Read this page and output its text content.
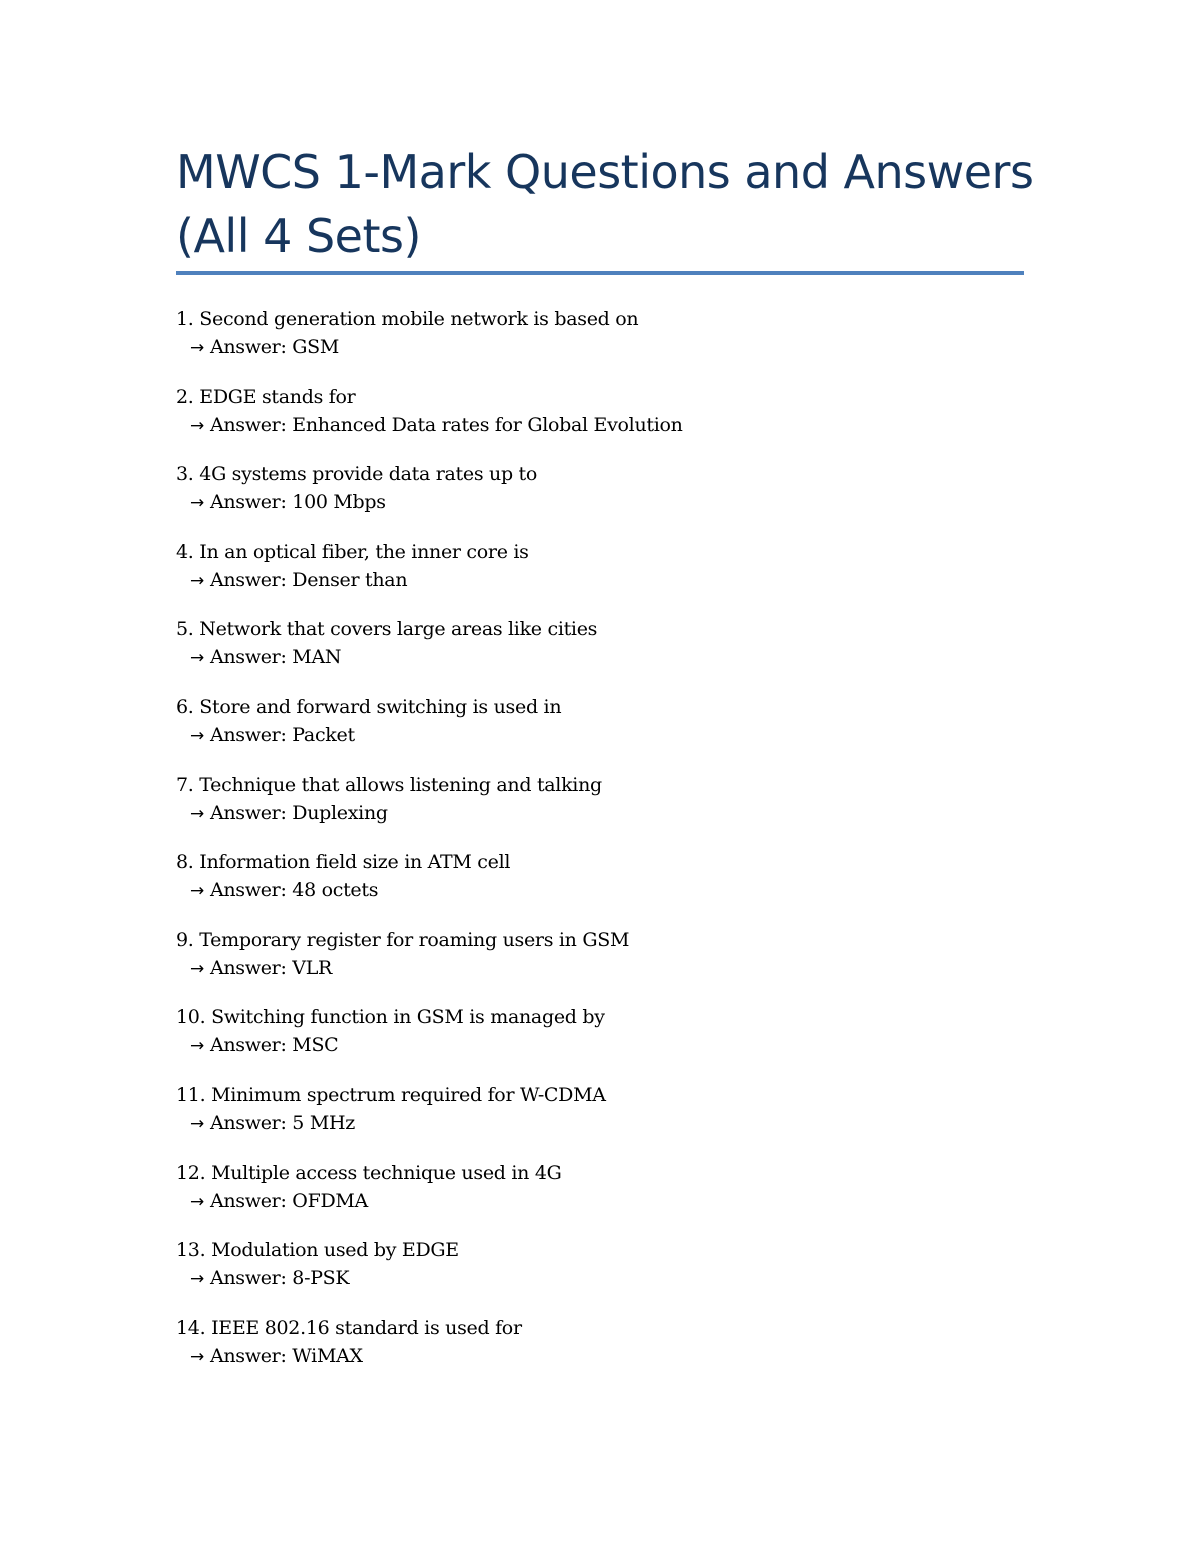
MWCS 1-Mark Questions and Answers
(All 4 Sets)
1. Second generation mobile network is based on
→ Answer: GSM
2. EDGE stands for
→ Answer: Enhanced Data rates for Global Evolution
3. 4G systems provide data rates up to
→ Answer: 100 Mbps
4. In an optical fiber, the inner core is
→ Answer: Denser than
5. Network that covers large areas like cities
→ Answer: MAN
6. Store and forward switching is used in
→ Answer: Packet
7. Technique that allows listening and talking
→ Answer: Duplexing
8. Information field size in ATM cell
→ Answer: 48 octets
9. Temporary register for roaming users in GSM
→ Answer: VLR
10. Switching function in GSM is managed by
→ Answer: MSC
11. Minimum spectrum required for W-CDMA
→ Answer: 5 MHz
12. Multiple access technique used in 4G
→ Answer: OFDMA
13. Modulation used by EDGE
→ Answer: 8-PSK
14. IEEE 802.16 standard is used for
→ Answer: WiMAX
